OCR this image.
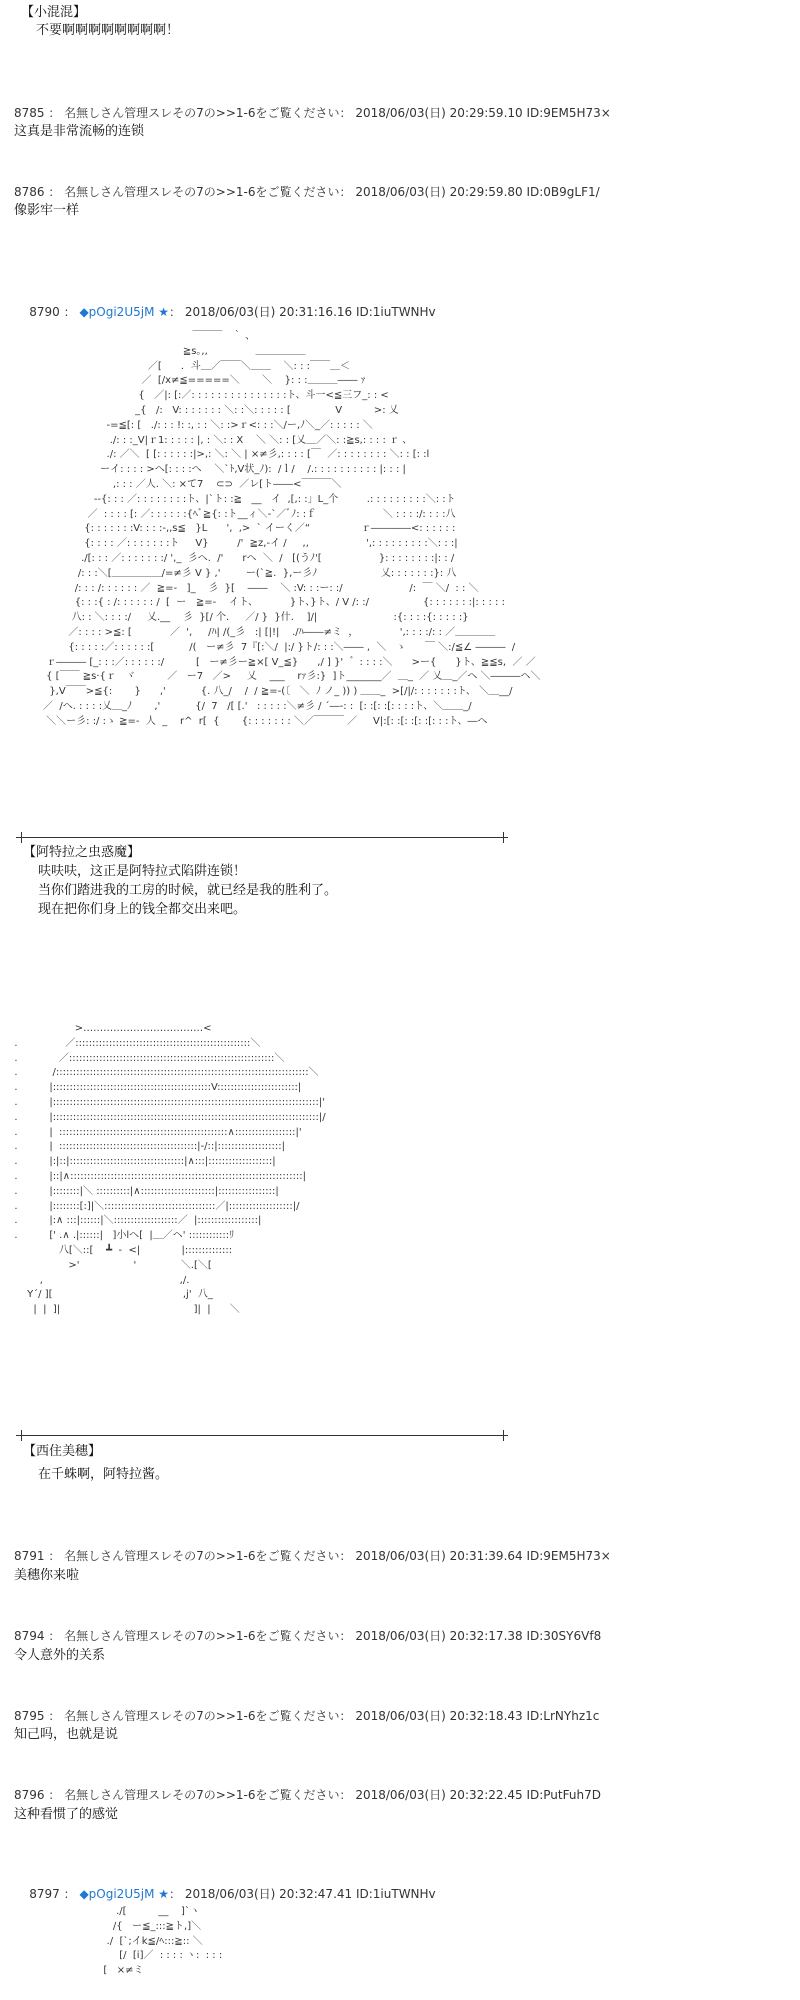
【小混混】
不要啊啊啊啊啊啊啊啊！
8785 ： 名無しさん管理スレその7の>>1-6をご覧ください： 2018/06/03(日) 20:29:59.10 ID:9EM5H73×
这真是非常流畅的连锁
8786 ： 名無しさん管理スレその7の>>1-6をご覧ください： 2018/06/03(日) 20:29:59.80 ID:0B9gLF1/
像影牢一样

8790 ： ◆pOgi2U5jM ★： 2018/06/03(日) 20:31:16.16 ID:1iuTWNHv

￣￣￣   ｀ 、
≧s｡,,               ＿＿＿＿＿
／[      ．斗＿／￣￣＼＿＿    ＼: : :￣￣＿＜
／  [/x≠≦=====＼       ＼    }: : :＿＿＿―― ｧ
{   ／|: [:／: : : : : : : : : : : : : : :ト、斗一<≦三フ_: : <
_{   /:   V: : : : : : : ＼: :＼: : : : : [              V          >: 乂
-=≦[: [   ./: : : !: :, : : ＼: :>ｒ<: : :＼/ー,ﾉ＼_／: : : : : ＼
./: : :_V|ｒ1: : : : : |, : ＼: : X    ＼ ＼: : [乂＿／＼: :≧s,: : : : ｒ 、
./: ／＼  [ [: : : : : :|>,: ＼: ＼ | ×≠彡,: : : : [￣  ／: : : : : : : : ＼: : [: :l
ーイ: : : : >へ[: : : :へ    ＼`ﾄ,V状_ﾉ):  /ｌ/    /.: : : : : : : : : : |: : : |
,: : : ／人. ＼: ×て7    ⊂⊃  ／レ[ト――<￣￣￣＼
--{: : : ／: : : : : : : :ト、|`ト: :≧   __   イ  ,[,: :」L_个         .: : : : : : : : :＼: :ト
／  : : : : [: ／: : : : : :{ﾍﾞ≧{: :ト__ィ＼-`／ﾞﾉ: :ｆ                     ＼ : : : :/: : : :八
{: : : : : : :V: : : :-,,s≦   }L      ',  ,>  ` イーく／“                ｒ――――<: : : : : :
{: : : : ／: : : : : : :ト     V}         /'  ≧z,-イ /     ,,                  ',: : : : : : : : :＼: : :|
./[: : : ／: : : : : : :/ ',_  彡へ.  /'      rヘ  ＼  /   [(うﾉ'[                  }: : : : : : : :|: : /
/: : :＼[＿＿＿＿＿/=≠彡 V } ,'        ー(`≧.  },ー彡ﾉ                    乂: : : : : : :}: 八
/: : : /: : : : : : ／  ≧=-   ]_    彡  }[    ――    ＼ :V: : :ー: :/                     /:  ￣ ＼/  : : ＼
{: : :{ : /: : : : : : /  [  ー   ≧=-    イト、          }ト、}ト、/ V /: :/                 {: : : : : : :|: : : : :
八: : ＼: : : :/     乂.__    彡  }[/ 个.     ／/ }  }什.    ]/|                        :{: : : :{: : : : :}
／: : : : >≦: [            ／  ',     /ﾊ| /(_彡   :| [|!|    ./ﾊ――≠ミ  ，             ',: : : :/: : ／＿＿＿＿
{: : : : :／: : : : : :[           /(   ー≠彡  7『[:＼/  |:/ }ト/: : :＼―― ,  ＼   ゝ      ￣ ＼:/≦∠ ―――  /
ｒ――― [_: : :／: : : : : :/          [   ー≠彡ー≧×[ V_≦}      ,/ ] }'  ゛: : : :＼      >ー{      }ト、≧≦s,  ／ ／
{ [￣￣ ≧s·{ｒ   ヾ          ／   ー7   ／>     乂    ___    rｧ彡:}  ]ト_______／  ＿_  ／ 乂＿_／へ ＼―――ヘ＼
},V￣￣>≦{:       }      ,'           {. 八_/    /  / ≧=-(〔   ＼  ﾉ ノ_ )) ) ＿＿_  >[/|/: : : : : : :ト、 ＼＿__/
／  /へ. : : : :乂＿_ﾉ       ,'           {/  7   /[ [.'   : : : : :＼≠彡 / ´―-: :  [: :[: :[: : : :ト、＼＿＿_/
＼＼ー彡: :/ :ゝ ≧=-  人  _    r^  r[  {       {: : : : : : : ＼／￣￣￣ ／     V|:[: :[: :[: :[: : :ト、―へ
【阿特拉之虫惑魔】
呋呋呋，这正是阿特拉式陷阱连锁！
当你们踏进我的工房的时候，就已经是我的胜利了。
现在把你们身上的钱全都交出来吧。
>………………………………<
.               ／::::::::::::::::::::::::::::::::::::::::::::::::::::＼
.             ／:::::::::::::::::::::::::::::::::::::::::::::::::::::::::::::＼
.           /:::::::::::::::::::::::::::::::::::::::::::::::::::::::::::::::::::::::::::＼
.          |:::::::::::::::::::::::::::::::::::::::::::::::V::::::::::::::::::::::::|
.          |:::::::::::::::::::::::::::::::::::::::::::::::::::::::::::::::::::::::::::::::|'
.          |:::::::::::::::::::::::::::::::::::::::::::::::::::::::::::::::::::::::::::::::|/
.          |  ::::::::::::::::::::::::::::::::::::::::::::::::::∧::::::::::::::::::|'
.          |  :::::::::::::::::::::::::::::::::::::::::|-/::|:::::::::::::::::::|
.          |:|::|::::::::::::::::::::::::::::::::::|∧:::|:::::::::::::::::::|
.          |::|∧:::::::::::::::::::::::::::::::::::::::::::::::::::::::::::::::::::::|
.          |::::::::|＼ ::::::::::|∧::::::::::::::::::::::|:::::::::::::::::|
.          |::::::::[:]|＼:::::::::::::::::::::::::::::::::／|:::::::::::::::::::|/
.          |:∧ :::|::::::|＼:::::::::::::::::::／  |::::::::::::::::::|
.          [' .∧ .|::::::|   ]小lへ[  |＿／ヘ' ::::::::::::ﾘ
八[＼::[    ┻  ‐  <|             |::::::::::::::
>'                 '              ＼.[＼[
,                                           ,/.
Y´/ ][                                         ,j'  八_
|  |  ]|                                          ]|  |      ＼
【西住美穗】
在千蛛啊，阿特拉酱。
8791 ： 名無しさん管理スレその7の>>1-6をご覧ください： 2018/06/03(日) 20:31:39.64 ID:9EM5H73×
美穗你来啦
8794 ： 名無しさん管理スレその7の>>1-6をご覧ください： 2018/06/03(日) 20:32:17.38 ID:30SY6Vf8
令人意外的关系
8795 ： 名無しさん管理スレその7の>>1-6をご覧ください： 2018/06/03(日) 20:32:18.43 ID:LrNYhz1c
知己吗，也就是说
8796 ： 名無しさん管理スレその7の>>1-6をご覧ください： 2018/06/03(日) 20:32:22.45 ID:PutFuh7D
这种看惯了的感觉

8797 ： ◆pOgi2U5jM ★： 2018/06/03(日) 20:32:47.41 ID:1iuTWNHv

./[          __    ]`ヽ
/{   ー≦_:::≧ト,]＼
./  [`;イk≦/ﾍ:::≧:: ＼
[/  [i]／  : : : : ヽ:  : : :
[   ×≠ミ
